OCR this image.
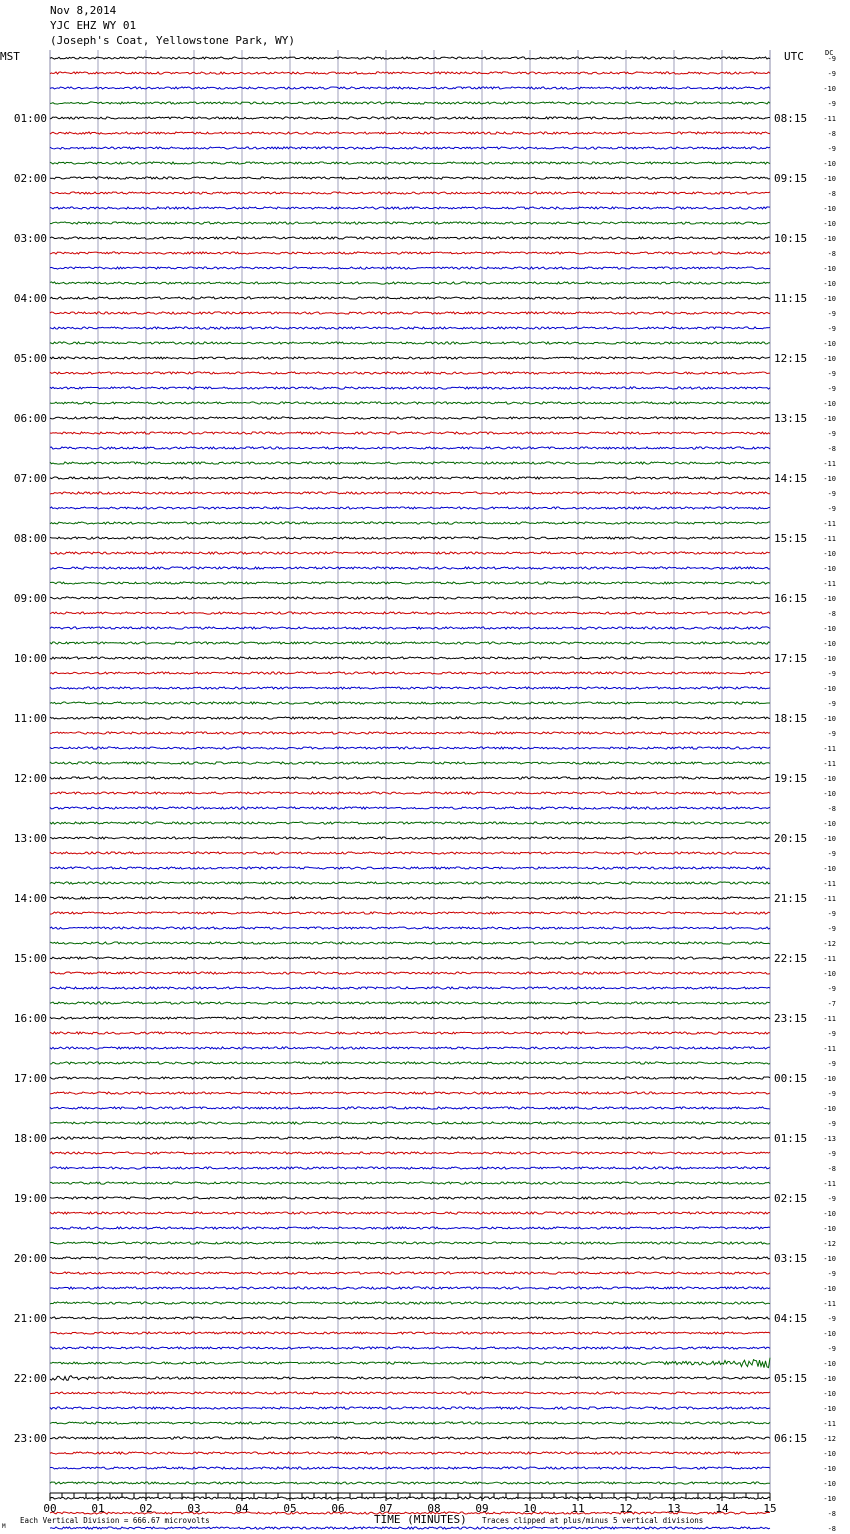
Nov 8,2014
YJC EHZ WY 01
(Joseph's Coat, Yellowstone Park, WY)
-9
-9
-10
-9
-11
-8
-9
-10
-10
-8
-10
-10
-10
-8
-10
-10
-10
-9
-9
-10
-10
-9
-9
-10
-10
-9
-8
-11
-10
-9
-9
-11
-11
-10
-10
-11
-10
-8
-10
-10
-10
-9
-10
-9
-10
-9
-11
-11
-10
-10
-8
-10
-10
-9
-10
-11
-11
-9
-9
-12
-11
-10
-9
-7
-11
-9
-11
-9
-10
-9
-10
-9
-13
-9
-8
-11
-9
-10
-10
-12
-10
-9
-10
-11
-9
-10
-9
-10
-10
-10
-10
-11
-12
-10
-10
-10
-10
-8
-8
01:00
02:00
03:00
04:00
05:00
06:00
07:00
08:00
09:00
10:00
11:00
12:00
13:00
14:00
15:00
16:00
17:00
18:00
19:00
20:00
21:00
22:00
23:00
08:15
09:15
10:15
11:15
12:15
13:15
14:15
15:15
16:15
17:15
18:15
19:15
20:15
21:15
22:15
23:15
00:15
01:15
02:15
03:15
04:15
05:15
06:15
00	01	02	03	04	05	06	07	08	09	10	11	12	13	14	15
MST	UTC	DC
TIME (MINUTES)
Each Vertical Division = 666.67 microvolts	Traces clipped at plus/minus 5 vertical divisions
M
